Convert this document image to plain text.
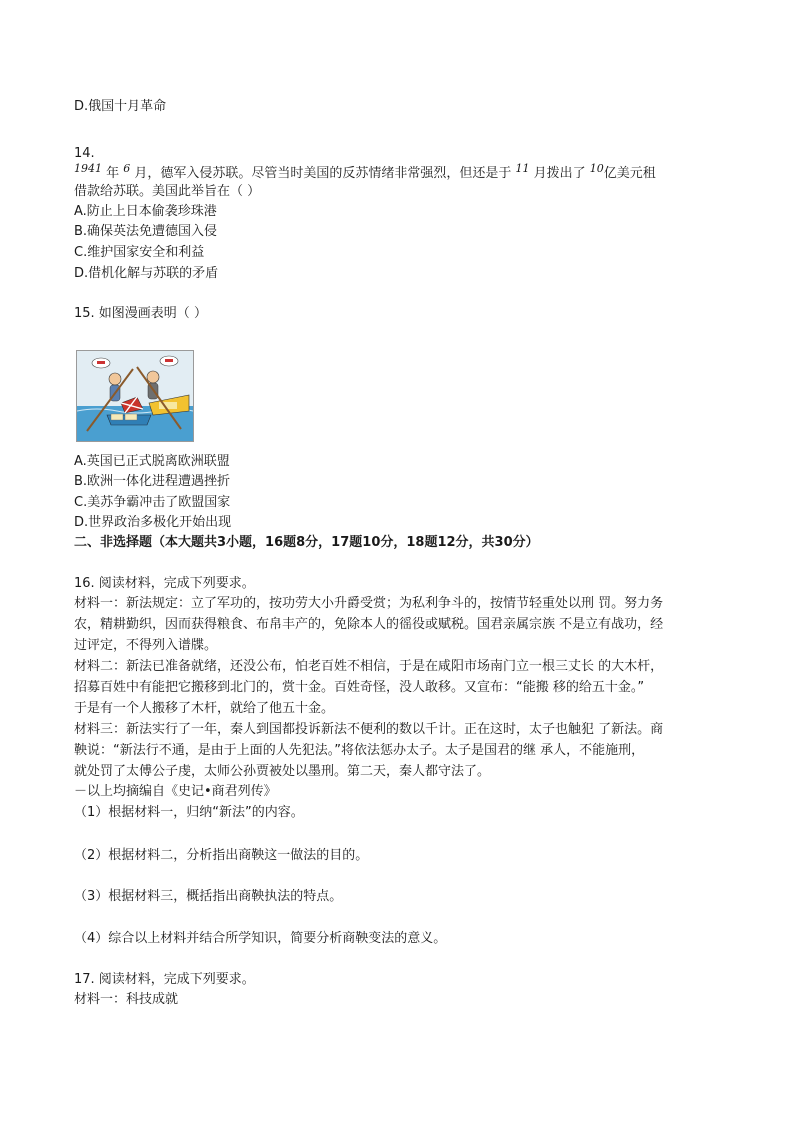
D.俄国十月革命
14.
$^{1941}$ 年 $^6$ 月，德军入侵苏联。尽管当时美国的反苏情绪非常强烈，但还是于 $^{11}$ 月拨出了 $^{10}$亿美元租
借款给苏联。美国此举旨在（ ）
A.防止上日本偷袭珍珠港
B.确保英法免遭德国入侵
C.维护国家安全和利益
D.借机化解与苏联的矛盾
15. 如图漫画表明（ ）
A.英国已正式脱离欧洲联盟
B.欧洲一体化进程遭遇挫折
C.美苏争霸冲击了欧盟国家
D.世界政治多极化开始出现
二、非选择题（本大题共3小题，16题8分，17题10分，18题12分，共30分）
16. 阅读材料，完成下列要求。
材料一：新法规定：立了军功的，按功劳大小升爵受赏；为私利争斗的，按情节轻重处以刑 罚。努力务
农，精耕勤织，因而获得粮食、布帛丰产的，免除本人的徭役或赋税。国君亲属宗族 不是立有战功，经
过评定，不得列入谱牒。
材料二：新法已准备就绪，还没公布，怕老百姓不相信，于是在咸阳市场南门立一根三丈长 的大木杆，
招募百姓中有能把它搬移到北门的，赏十金。百姓奇怪，没人敢移。又宣布：“能搬 移的给五十金。”
于是有一个人搬移了木杆，就给了他五十金。
材料三：新法实行了一年，秦人到国都投诉新法不便利的数以千计。正在这时，太子也触犯 了新法。商
鞅说：“新法行不通，是由于上面的人先犯法。”将依法惩办太子。太子是国君的继 承人，不能施刑，
就处罚了太傅公子虔，太师公孙贾被处以墨刑。第二天，秦人都守法了。
－以上均摘编自《史记•商君列传》
（1）根据材料一，归纳“新法”的内容。
（2）根据材料二，分析指出商鞅这一做法的目的。
（3）根据材料三，概括指出商鞅执法的特点。
（4）综合以上材料并结合所学知识，简要分析商鞅变法的意义。
17. 阅读材料，完成下列要求。
材料一：科技成就
